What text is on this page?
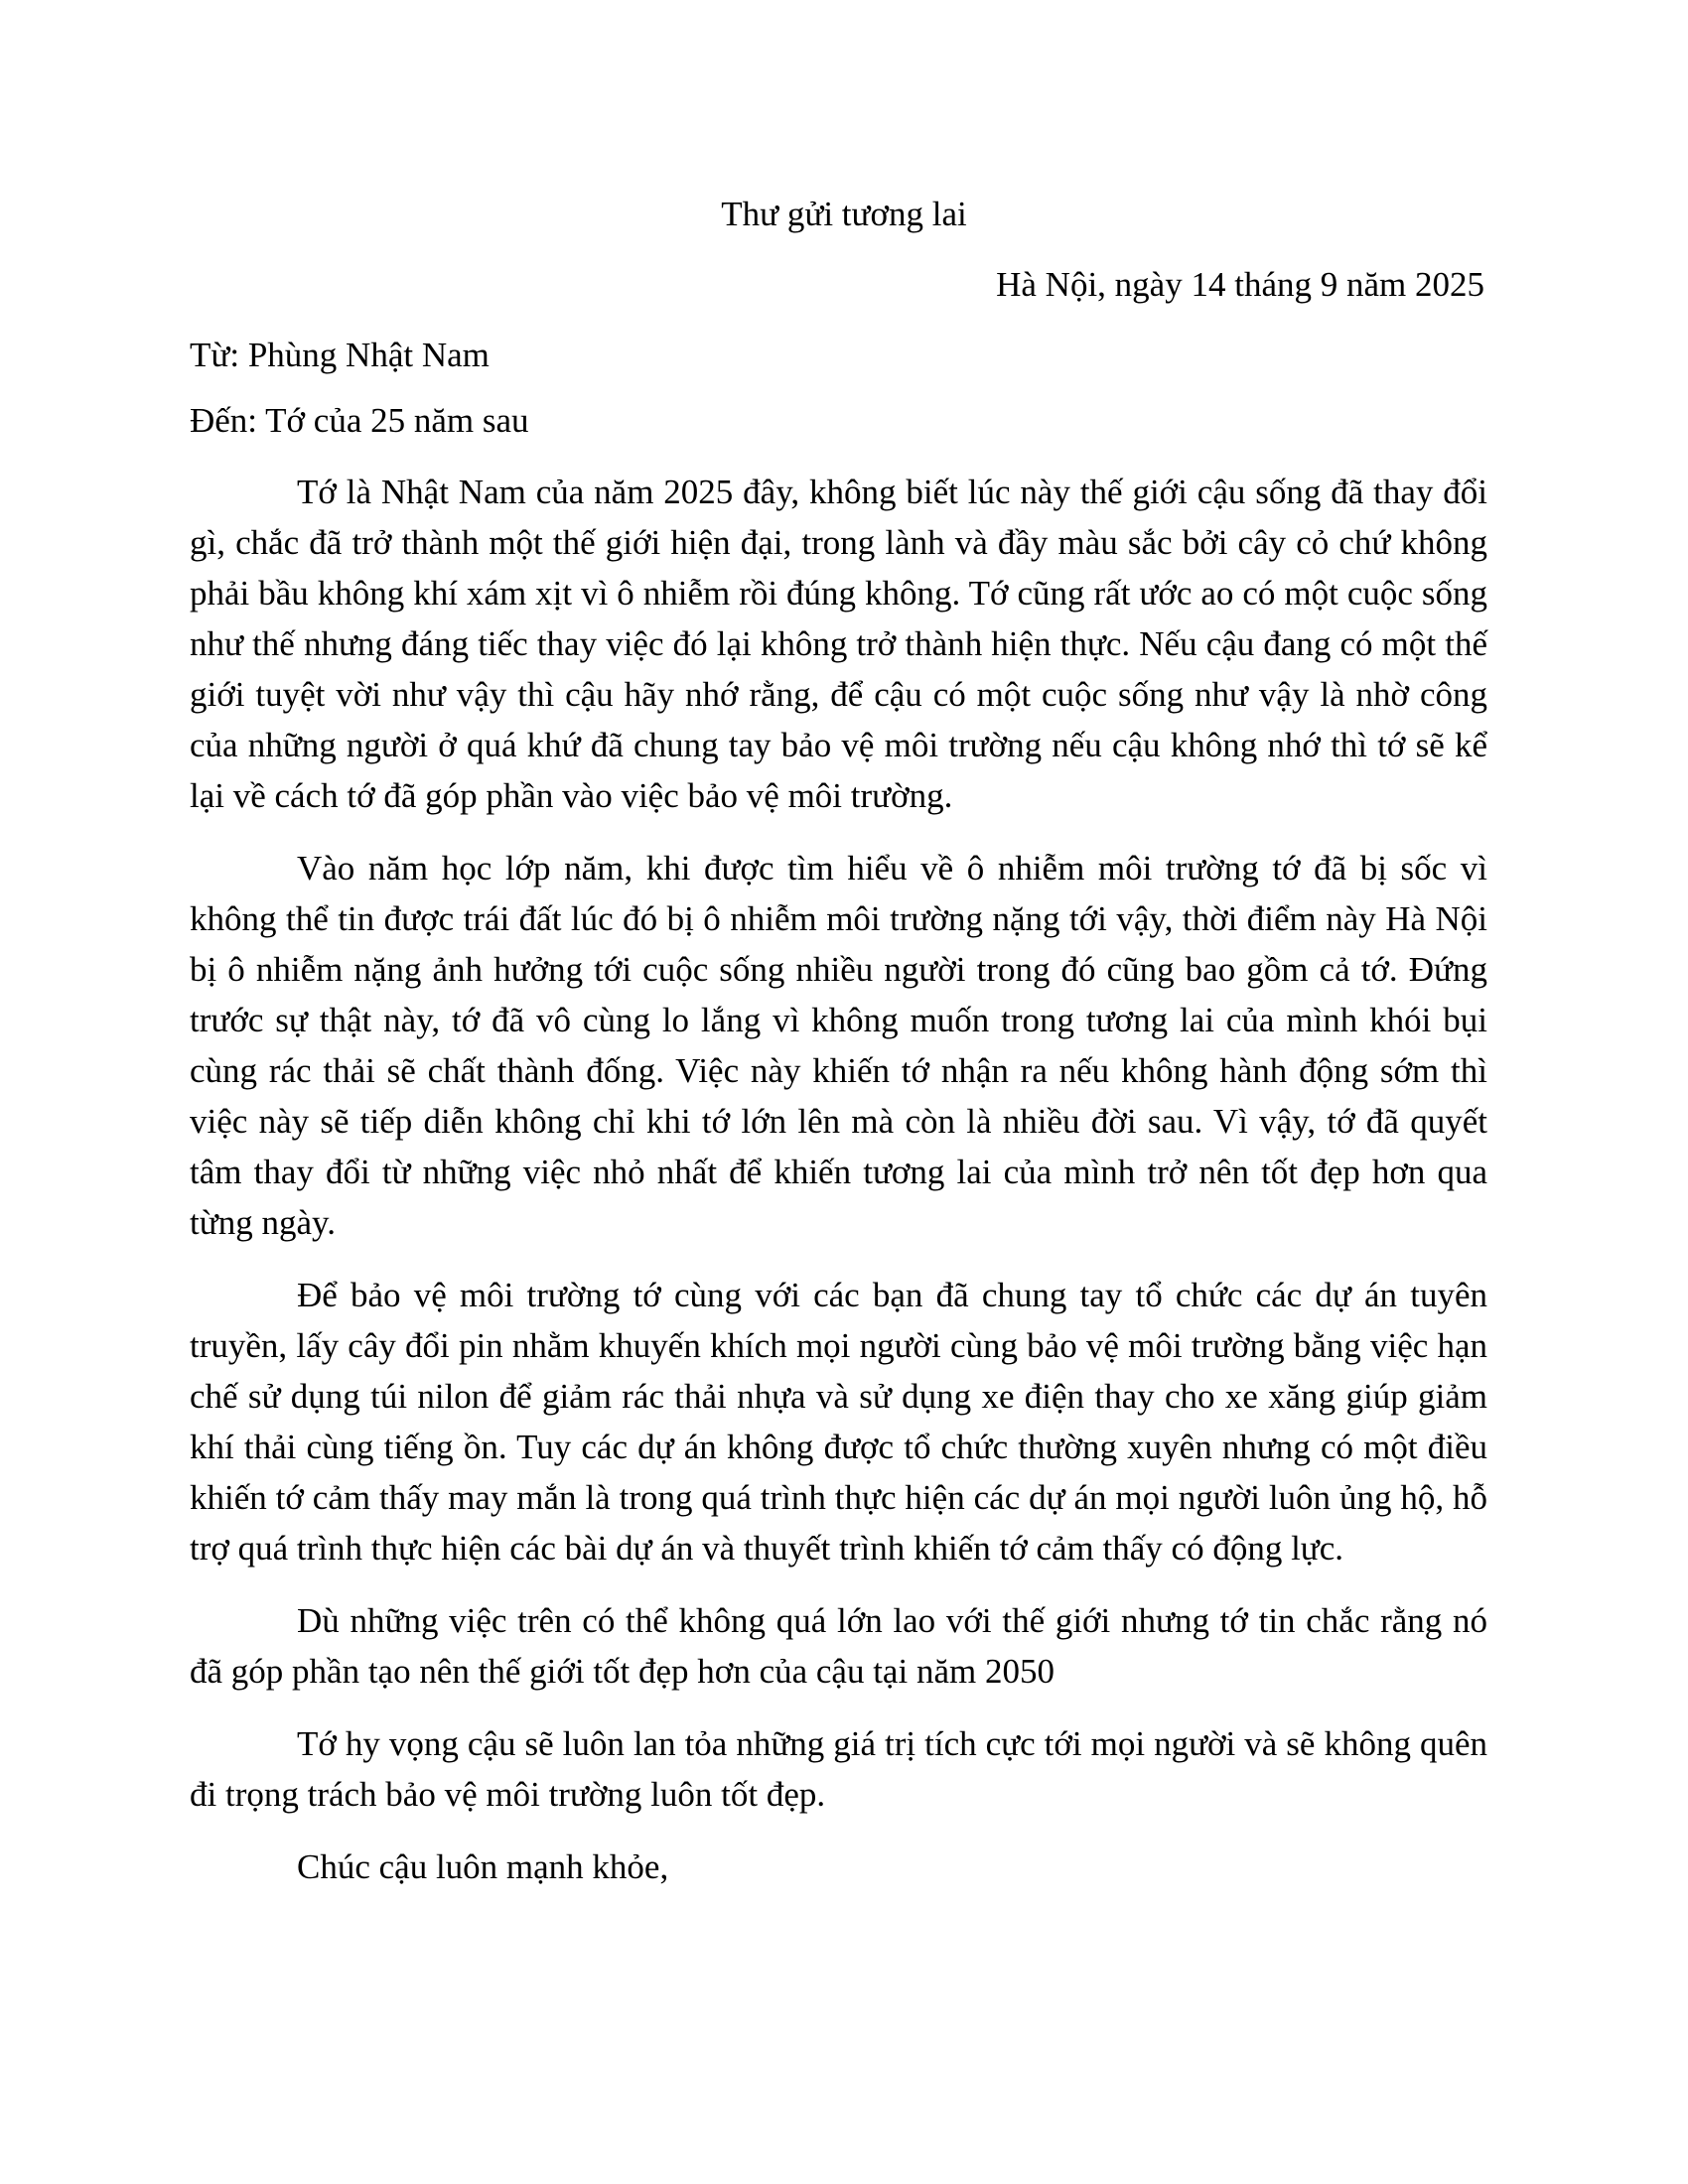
Thư gửi tương lai

Hà Nội, ngày 14 tháng 9 năm 2025

Từ: Phùng Nhật Nam

Đến: Tớ của 25 năm sau

Tớ là Nhật Nam của năm 2025 đây, không biết lúc này thế giới cậu sống đã thay đổi gì, chắc đã trở thành một thế giới hiện đại, trong lành và đầy màu sắc bởi cây cỏ chứ không phải bầu không khí xám xịt vì ô nhiễm rồi đúng không. Tớ cũng rất ước ao có một cuộc sống như thế nhưng đáng tiếc thay việc đó lại không trở thành hiện thực. Nếu cậu đang có một thế giới tuyệt vời như vậy thì cậu hãy nhớ rằng, để cậu có một cuộc sống như vậy là nhờ công của những người ở quá khứ đã chung tay bảo vệ môi trường nếu cậu không nhớ thì tớ sẽ kể lại về cách tớ đã góp phần vào việc bảo vệ môi trường.

Vào năm học lớp năm, khi được tìm hiểu về ô nhiễm môi trường tớ đã bị sốc vì không thể tin được trái đất lúc đó bị ô nhiễm môi trường nặng tới vậy, thời điểm này Hà Nội bị ô nhiễm nặng ảnh hưởng tới cuộc sống nhiều người trong đó cũng bao gồm cả tớ. Đứng trước sự thật này, tớ đã vô cùng lo lắng vì không muốn trong tương lai của mình khói bụi cùng rác thải sẽ chất thành đống. Việc này khiến tớ nhận ra nếu không hành động sớm thì việc này sẽ tiếp diễn không chỉ khi tớ lớn lên mà còn là nhiều đời sau. Vì vậy, tớ đã quyết tâm thay đổi từ những việc nhỏ nhất để khiến tương lai của mình trở nên tốt đẹp hơn qua từng ngày.

Để bảo vệ môi trường tớ cùng với các bạn đã chung tay tổ chức các dự án tuyên truyền, lấy cây đổi pin nhằm khuyến khích mọi người cùng bảo vệ môi trường bằng việc hạn chế sử dụng túi nilon để giảm rác thải nhựa và sử dụng xe điện thay cho xe xăng giúp giảm khí thải cùng tiếng ồn. Tuy các dự án không được tổ chức thường xuyên nhưng có một điều khiến tớ cảm thấy may mắn là trong quá trình thực hiện các dự án mọi người luôn ủng hộ, hỗ trợ quá trình thực hiện các bài dự án và thuyết trình khiến tớ cảm thấy có động lực.

Dù những việc trên có thể không quá lớn lao với thế giới nhưng tớ tin chắc rằng nó đã góp phần tạo nên thế giới tốt đẹp hơn của cậu tại năm 2050

Tớ hy vọng cậu sẽ luôn lan tỏa những giá trị tích cực tới mọi người và sẽ không quên đi trọng trách bảo vệ môi trường luôn tốt đẹp.

Chúc cậu luôn mạnh khỏe,
